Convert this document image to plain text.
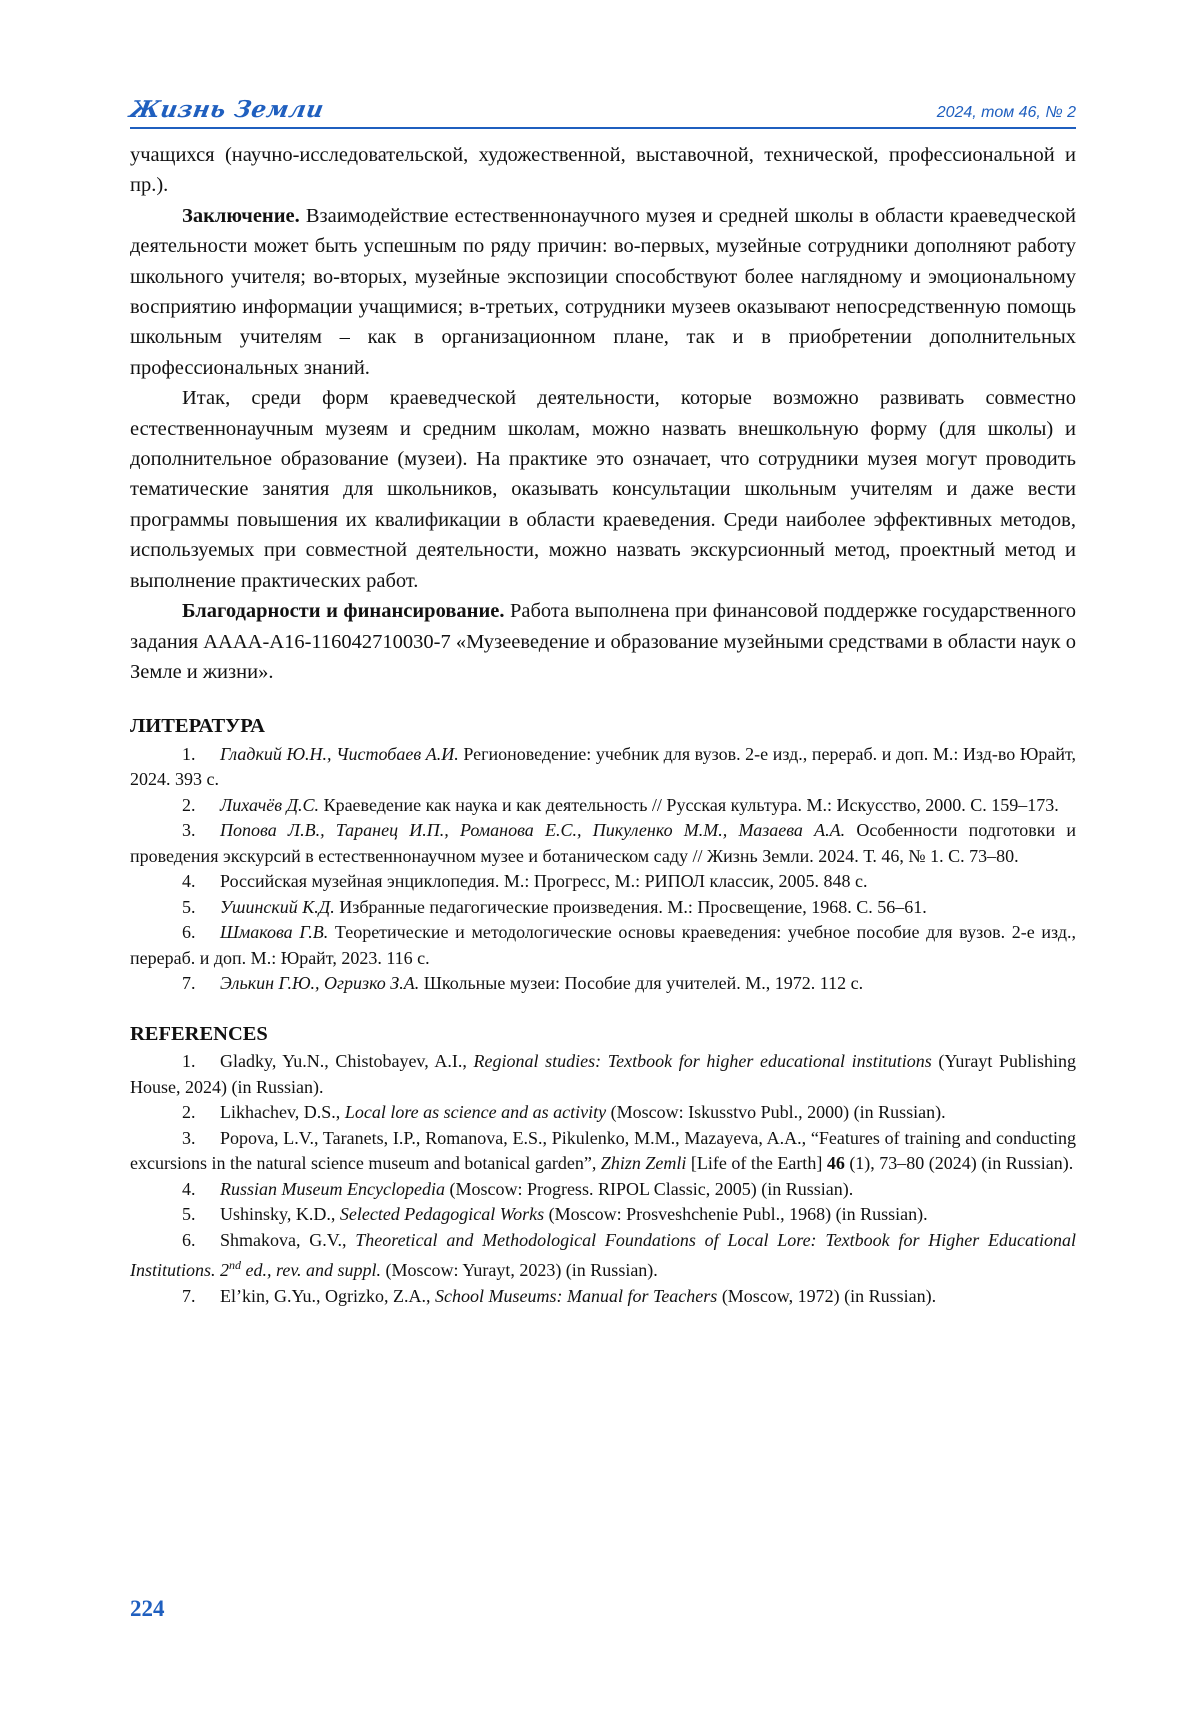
Жизнь Земли	2024, том 46, № 2

учащихся (научно-исследовательской, художественной, выставочной, технической, профессиональной и пр.).

Заключение. Взаимодействие естественнонаучного музея и средней школы в области краеведческой деятельности может быть успешным по ряду причин: во-первых, музейные сотрудники дополняют работу школьного учителя; во-вторых, музейные экспозиции способствуют более наглядному и эмоциональному восприятию информации учащимися; в-третьих, сотрудники музеев оказывают непосредственную помощь школьным учителям – как в организационном плане, так и в приобретении дополнительных профессиональных знаний.

Итак, среди форм краеведческой деятельности, которые возможно развивать совместно естественнонаучным музеям и средним школам, можно назвать внешкольную форму (для школы) и дополнительное образование (музеи). На практике это означает, что сотрудники музея могут проводить тематические занятия для школьников, оказывать консультации школьным учителям и даже вести программы повышения их квалификации в области краеведения. Среди наиболее эффективных методов, используемых при совместной деятельности, можно назвать экскурсионный метод, проектный метод и выполнение практических работ.

Благодарности и финансирование. Работа выполнена при финансовой поддержке государственного задания АААА-А16-116042710030-7 «Музееведение и образование музейными средствами в области наук о Земле и жизни».

ЛИТЕРАТУРА

1. Гладкий Ю.Н., Чистобаев А.И. Регионоведение: учебник для вузов. 2-е изд., перераб. и доп. М.: Изд-во Юрайт, 2024. 393 с.
2. Лихачёв Д.С. Краеведение как наука и как деятельность // Русская культура. М.: Искусство, 2000. С. 159–173.
3. Попова Л.В., Таранец И.П., Романова Е.С., Пикуленко М.М., Мазаева А.А. Особенности подготовки и проведения экскурсий в естественнонаучном музее и ботаническом саду // Жизнь Земли. 2024. Т. 46, № 1. С. 73–80.
4. Российская музейная энциклопедия. М.: Прогресс, М.: РИПОЛ классик, 2005. 848 с.
5. Ушинский К.Д. Избранные педагогические произведения. М.: Просвещение, 1968. С. 56–61.
6. Шмакова Г.В. Теоретические и методологические основы краеведения: учебное пособие для вузов. 2-е изд., перераб. и доп. М.: Юрайт, 2023. 116 с.
7. Элькин Г.Ю., Огризко З.А. Школьные музеи: Пособие для учителей. М., 1972. 112 с.

REFERENCES

1. Gladky, Yu.N., Chistobayev, A.I., Regional studies: Textbook for higher educational institutions (Yurayt Publishing House, 2024) (in Russian).
2. Likhachev, D.S., Local lore as science and as activity (Moscow: Iskusstvo Publ., 2000) (in Russian).
3. Popova, L.V., Taranets, I.P., Romanova, E.S., Pikulenko, M.M., Mazayeva, A.A., “Features of training and conducting excursions in the natural science museum and botanical garden”, Zhizn Zemli [Life of the Earth] 46 (1), 73–80 (2024) (in Russian).
4. Russian Museum Encyclopedia (Moscow: Progress. RIPOL Classic, 2005) (in Russian).
5. Ushinsky, K.D., Selected Pedagogical Works (Moscow: Prosveshchenie Publ., 1968) (in Russian).
6. Shmakova, G.V., Theoretical and Methodological Foundations of Local Lore: Textbook for Higher Educational Institutions. 2nd ed., rev. and suppl. (Moscow: Yurayt, 2023) (in Russian).
7. El’kin, G.Yu., Ogrizko, Z.A., School Museums: Manual for Teachers (Moscow, 1972) (in Russian).
224
